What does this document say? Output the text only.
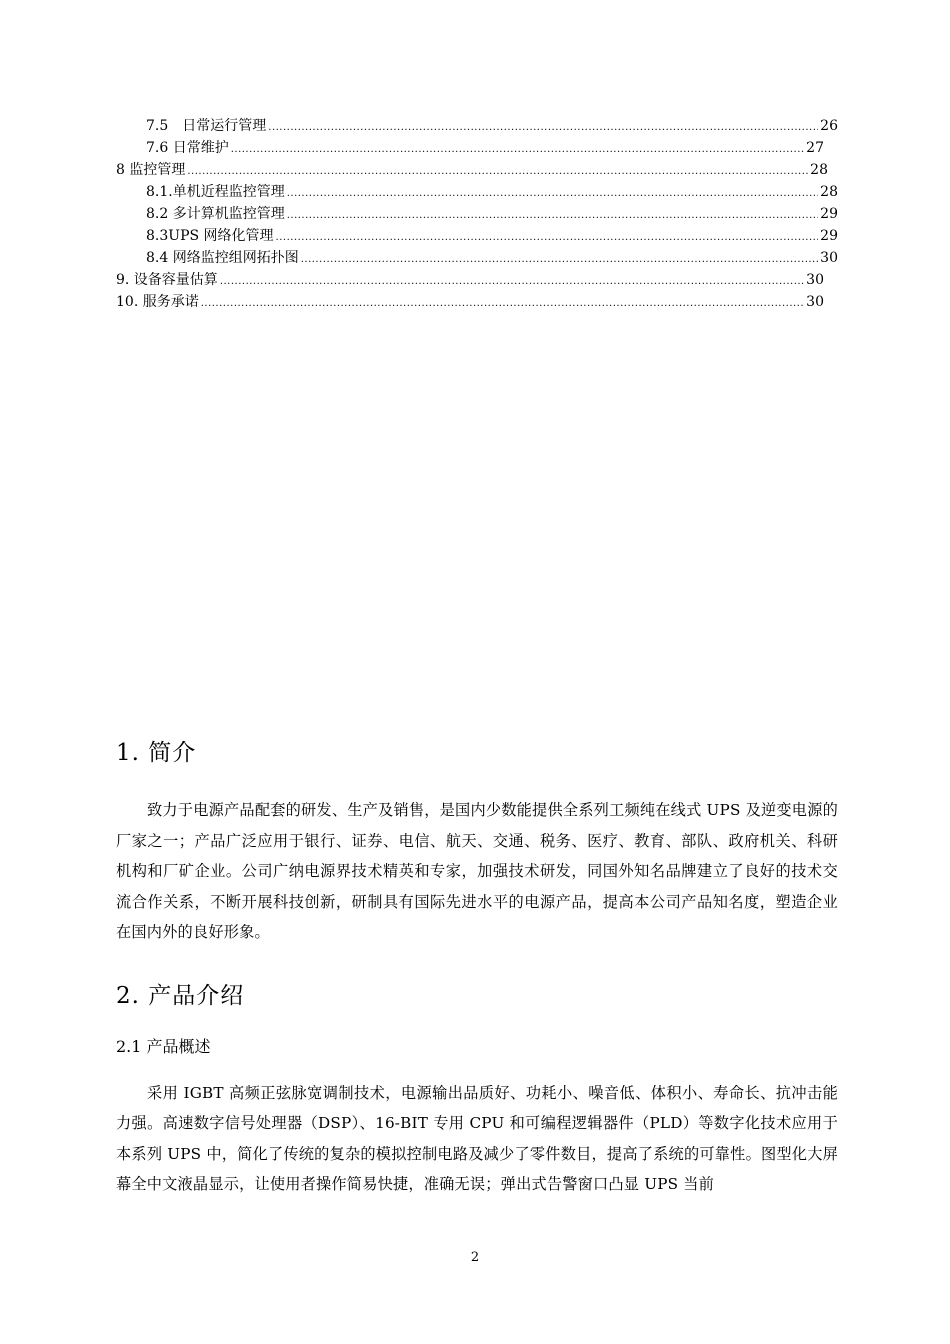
7.5　日常运行管理 .....	26
7.6 日常维护 .....	27
8 监控管理 .....	28
8.1.单机近程监控管理 .....	28
8.2 多计算机监控管理 .....	29
8.3UPS 网络化管理 .....	29
8.4 网络监控组网拓扑图 .....	30
9. 设备容量估算 .....	30
10. 服务承诺 .....	30
1. 简介

致力于电源产品配套的研发、生产及销售，是国内少数能提供全系列工频纯在线式 UPS 及逆变电源的厂家之一；产品广泛应用于银行、证券、电信、航天、交通、税务、医疗、教育、部队、政府机关、科研机构和厂矿企业。公司广纳电源界技术精英和专家，加强技术研发，同国外知名品牌建立了良好的技术交流合作关系，不断开展科技创新，研制具有国际先进水平的电源产品，提高本公司产品知名度，塑造企业在国内外的良好形象。

2. 产品介绍
2.1 产品概述

采用 IGBT 高频正弦脉宽调制技术，电源输出品质好、功耗小、噪音低、体积小、寿命长、抗冲击能力强。高速数字信号处理器（DSP）、16-BIT 专用 CPU 和可编程逻辑器件（PLD）等数字化技术应用于本系列 UPS 中，简化了传统的复杂的模拟控制电路及减少了零件数目，提高了系统的可靠性。图型化大屏幕全中文液晶显示，让使用者操作简易快捷，准确无误；弹出式告警窗口凸显 UPS 当前

2
